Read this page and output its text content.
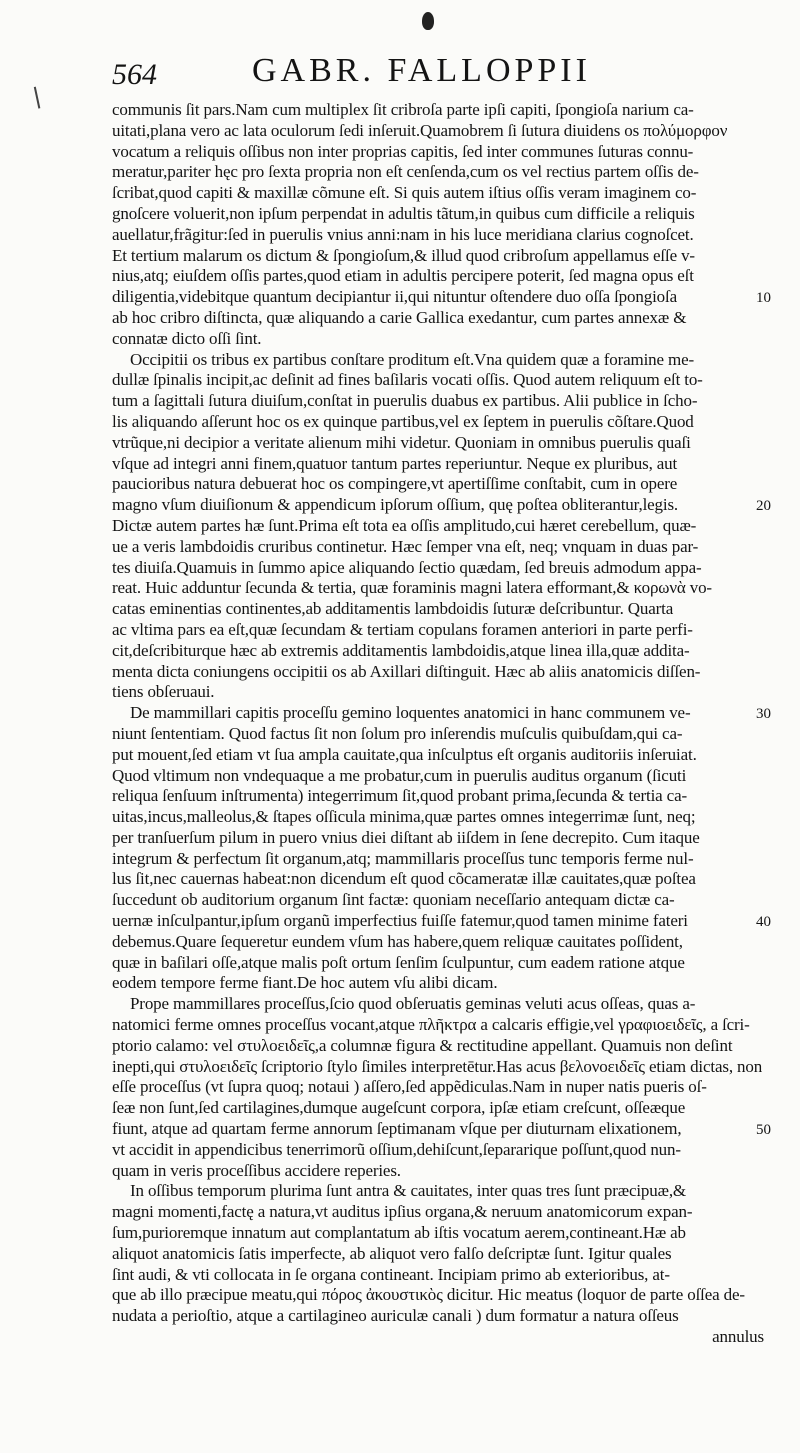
564	GABR. FALLOPPII
communis ſit pars.Nam cum multiplex ſit cribroſa parte ipſi capiti, ſpongioſa narium ca-
uitati,plana vero ac lata oculorum ſedi inſeruit.Quamobrem ſi ſutura diuidens os πολύμορφον
vocatum a reliquis oſſibus non inter proprias capitis, ſed inter communes ſuturas connu-
meratur,pariter hęc pro ſexta propria non eſt cenſenda,cum os vel rectius partem oſſis de-
ſcribat,quod capiti & maxillæ cõmune eſt. Si quis autem iſtius oſſis veram imaginem co-
gnoſcere voluerit,non ipſum perpendat in adultis tãtum,in quibus cum difficile a reliquis
auellatur,frãgitur:ſed in puerulis vnius anni:nam in his luce meridiana clarius cognoſcet.
Et tertium malarum os dictum & ſpongioſum,& illud quod cribroſum appellamus eſſe v-
nius,atq; eiuſdem oſſis partes,quod etiam in adultis percipere poterit, ſed magna opus eſt
diligentia,videbitque quantum decipiantur ii,qui nituntur oſtendere duo oſſa ſpongioſa
ab hoc cribro diſtincta, quæ aliquando a carie Gallica exedantur, cum partes annexæ &
connatæ dicto oſſi ſint.
Occipitii os tribus ex partibus conſtare proditum eſt.Vna quidem quæ a foramine me-
dullæ ſpinalis incipit,ac deſinit ad fines baſilaris vocati oſſis. Quod autem reliquum eſt to-
tum a ſagittali ſutura diuiſum,conſtat in puerulis duabus ex partibus. Alii publice in ſcho-
lis aliquando aſſerunt hoc os ex quinque partibus,vel ex ſeptem in puerulis cõſtare.Quod
vtrũque,ni decipior a veritate alienum mihi videtur. Quoniam in omnibus puerulis quaſi
vſque ad integri anni finem,quatuor tantum partes reperiuntur. Neque ex pluribus, aut
paucioribus natura debuerat hoc os compingere,vt apertiſſime conſtabit, cum in opere
magno vſum diuiſionum & appendicum ipſorum oſſium, quę poſtea obliterantur,legis.
Dictæ autem partes hæ ſunt.Prima eſt tota ea oſſis amplitudo,cui hæret cerebellum, quæ-
ue a veris lambdoidis cruribus continetur. Hæc ſemper vna eſt, neq; vnquam in duas par-
tes diuiſa.Quamuis in ſummo apice aliquando ſectio quædam, ſed breuis admodum appa-
reat. Huic adduntur ſecunda & tertia, quæ foraminis magni latera efformant,& κορωνὰ vo-
catas eminentias continentes,ab additamentis lambdoidis ſuturæ deſcribuntur. Quarta
ac vltima pars ea eſt,quæ ſecundam & tertiam copulans foramen anteriori in parte perfi-
cit,deſcribiturque hæc ab extremis additamentis lambdoidis,atque linea illa,quæ addita-
menta dicta coniungens occipitii os ab Axillari diſtinguit. Hæc ab aliis anatomicis diſſen-
tiens obſeruaui.
De mammillari capitis proceſſu gemino loquentes anatomici in hanc communem ve-
niunt ſententiam. Quod factus ſit non ſolum pro inſerendis muſculis quibuſdam,qui ca-
put mouent,ſed etiam vt ſua ampla cauitate,qua inſculptus eſt organis auditoriis inſeruiat.
Quod vltimum non vndequaque a me probatur,cum in puerulis auditus organum (ſicuti
reliqua ſenſuum inſtrumenta) integerrimum ſit,quod probant prima,ſecunda & tertia ca-
uitas,incus,malleolus,& ſtapes oſſicula minima,quæ partes omnes integerrimæ ſunt, neq;
per tranſuerſum pilum in puero vnius diei diſtant ab iiſdem in ſene decrepito. Cum itaque
integrum & perfectum ſit organum,atq; mammillaris proceſſus tunc temporis ferme nul-
lus ſit,nec cauernas habeat:non dicendum eſt quod cõcameratæ illæ cauitates,quæ poſtea
ſuccedunt ob auditorium organum ſint factæ: quoniam neceſſario antequam dictæ ca-
uernæ inſculpantur,ipſum organũ imperfectius fuiſſe fatemur,quod tamen minime fateri
debemus.Quare ſequeretur eundem vſum has habere,quem reliquæ cauitates poſſident,
quæ in baſilari oſſe,atque malis poſt ortum ſenſim ſculpuntur, cum eadem ratione atque
eodem tempore ferme fiant.De hoc autem vſu alibi dicam.
Prope mammillares proceſſus,ſcio quod obſeruatis geminas veluti acus oſſeas, quas a-
natomici ferme omnes proceſſus vocant,atque πλῆκτρα a calcaris effigie,vel γραφιοειδεῖς, a ſcri-
ptorio calamo: vel στυλοειδεῖς,a columnæ figura & rectitudine appellant. Quamuis non deſint
inepti,qui στυλοειδεῖς ſcriptorio ſtylo ſimiles interpretētur.Has acus βελονοειδεῖς etiam dictas, non
eſſe proceſſus (vt ſupra quoq; notaui ) aſſero,ſed appẽdiculas.Nam in nuper natis pueris oſ-
ſeæ non ſunt,ſed cartilagines,dumque augeſcunt corpora, ipſæ etiam creſcunt, oſſeæque
fiunt, atque ad quartam ferme annorum ſeptimanam vſque per diuturnam elixationem,
vt accidit in appendicibus tenerrimorũ oſſium,dehiſcunt,ſepararique poſſunt,quod nun-
quam in veris proceſſibus accidere reperies.
In oſſibus temporum plurima ſunt antra & cauitates, inter quas tres ſunt præcipuæ,&
magni momenti,factę a natura,vt auditus ipſius organa,& neruum anatomicorum expan-
ſum,purioremque innatum aut complantatum ab iſtis vocatum aerem,contineant.Hæ ab
aliquot anatomicis ſatis imperfecte, ab aliquot vero falſo deſcriptæ ſunt. Igitur quales
ſint audi, & vti collocata in ſe organa contineant. Incipiam primo ab exterioribus, at-
que ab illo præcipue meatu,qui πόρος ἀκουστικὸς dicitur. Hic meatus (loquor de parte oſſea de-
nudata a perioſtio, atque a cartilagineo auriculæ canali ) dum formatur a natura oſſeus
annulus
10
20
30
40
50
